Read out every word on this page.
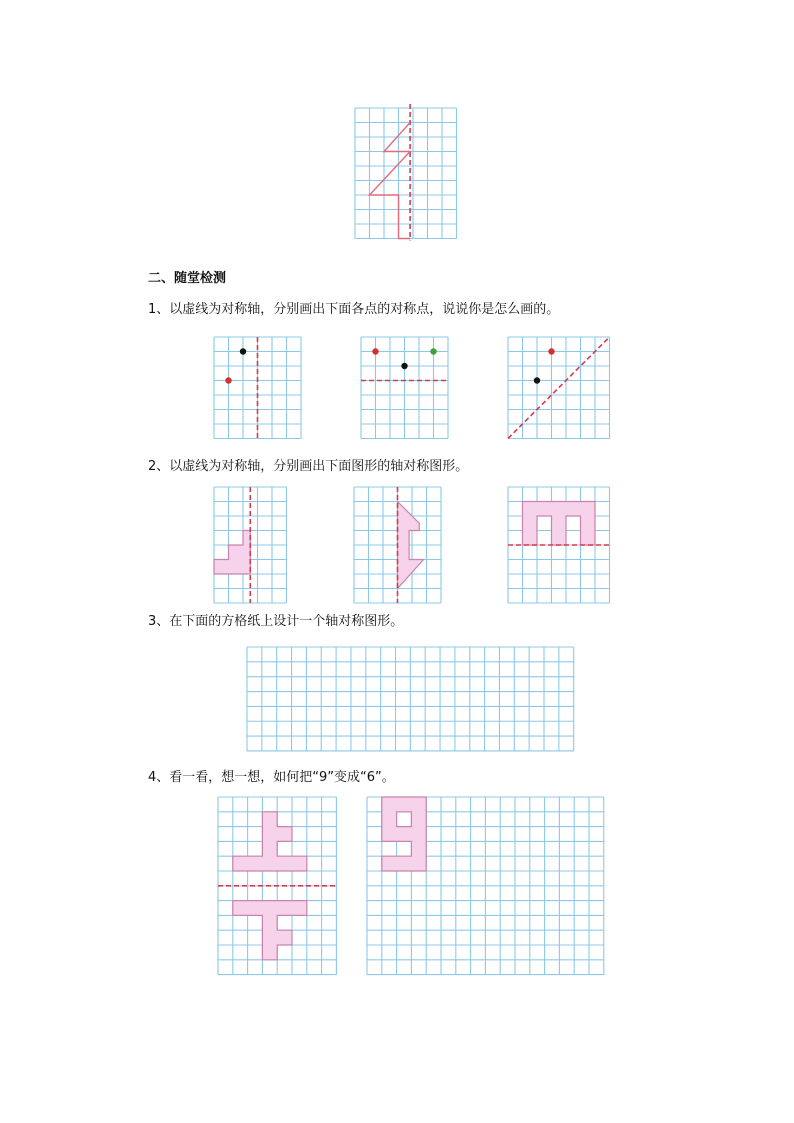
二、随堂检测
1、以虚线为对称轴，分别画出下面各点的对称点，说说你是怎么画的。
2、以虚线为对称轴，分别画出下面图形的轴对称图形。
3、在下面的方格纸上设计一个轴对称图形。
4、看一看，想一想，如何把“9”变成“6”。
